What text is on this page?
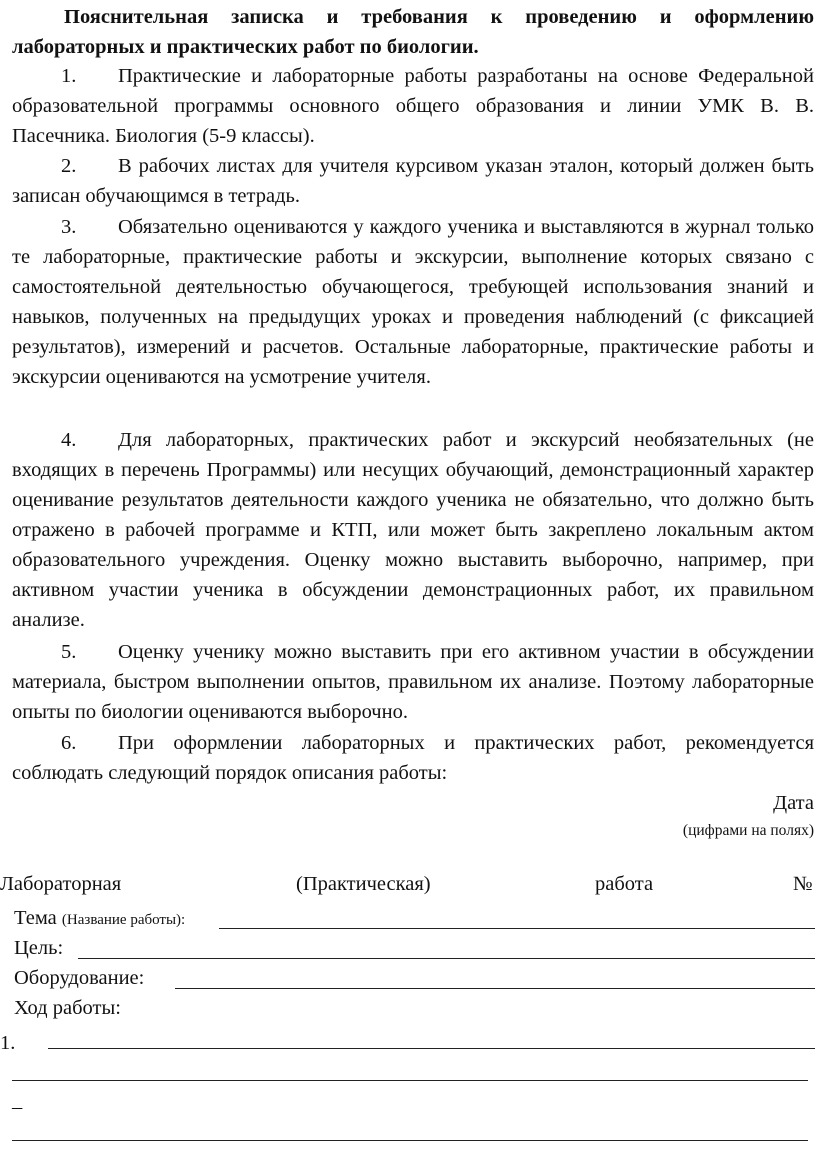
Пояснительная записка и требования к проведению и оформлению лабораторных и практических работ по биологии.

1. Практические и лабораторные работы разработаны на основе Федеральной образовательной программы основного общего образования и линии УМК В. В. Пасечника. Биология (5-9 классы).

2. В рабочих листах для учителя курсивом указан эталон, который должен быть записан обучающимся в тетрадь.

3. Обязательно оцениваются у каждого ученика и выставляются в журнал только те лабораторные, практические работы и экскурсии, выполнение которых связано с самостоятельной деятельностью обучающегося, требующей использования знаний и навыков, полученных на предыдущих уроках и проведения наблюдений (с фиксацией результатов), измерений и расчетов. Остальные лабораторные, практические работы и экскурсии оцениваются на усмотрение учителя.

4. Для лабораторных, практических работ и экскурсий необязательных (не входящих в перечень Программы) или несущих обучающий, демонстрационный характер оценивание результатов деятельности каждого ученика не обязательно, что должно быть отражено в рабочей программе и КТП, или может быть закреплено локальным актом образовательного учреждения. Оценку можно выставить выборочно, например, при активном участии ученика в обсуждении демонстрационных работ, их правильном анализе.

5. Оценку ученику можно выставить при его активном участии в обсуждении материала, быстром выполнении опытов, правильном их анализе. Поэтому лабораторные опыты по биологии оцениваются выборочно.

6. При оформлении лабораторных и практических работ, рекомендуется соблюдать следующий порядок описания работы:

Дата
(цифрами на полях)
Лабораторная	(Практическая)	работа	№
Тема (Название работы):
Цель:
Оборудование:
Ход работы:
1.
–
